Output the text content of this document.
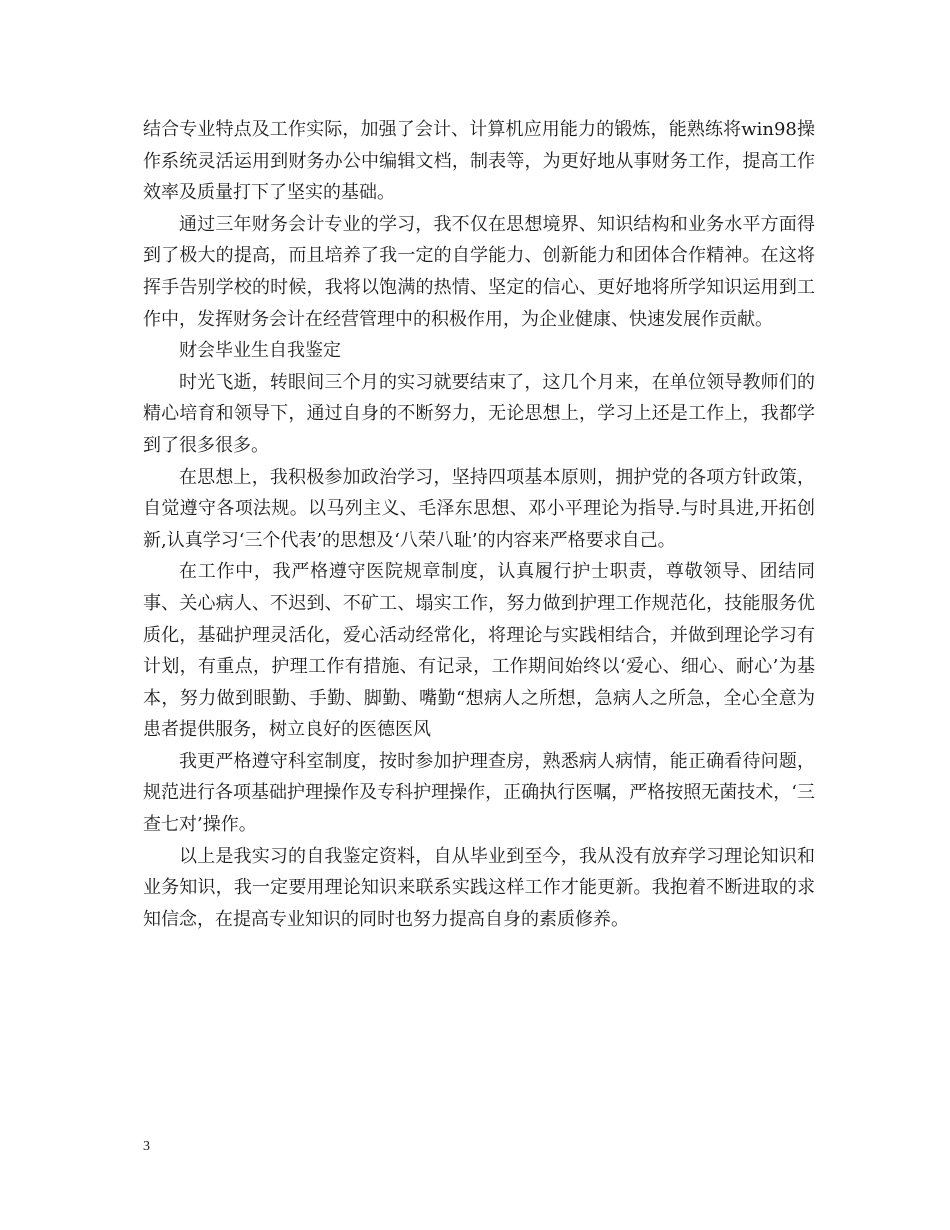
结合专业特点及工作实际，加强了会计、计算机应用能力的锻炼，能熟练将win98操作系统灵活运用到财务办公中编辑文档，制表等，为更好地从事财务工作，提高工作效率及质量打下了坚实的基础。

通过三年财务会计专业的学习，我不仅在思想境界、知识结构和业务水平方面得到了极大的提高，而且培养了我一定的自学能力、创新能力和团体合作精神。在这将挥手告别学校的时候，我将以饱满的热情、坚定的信心、更好地将所学知识运用到工作中，发挥财务会计在经营管理中的积极作用，为企业健康、快速发展作贡献。

财会毕业生自我鉴定

时光飞逝，转眼间三个月的实习就要结束了，这几个月来，在单位领导教师们的精心培育和领导下，通过自身的不断努力，无论思想上，学习上还是工作上，我都学到了很多很多。

在思想上，我积极参加政治学习，坚持四项基本原则，拥护党的各项方针政策，自觉遵守各项法规。以马列主义、毛泽东思想、邓小平理论为指导.与时具进,开拓创新,认真学习‘三个代表’的思想及‘八荣八耻’的内容来严格要求自己。

在工作中，我严格遵守医院规章制度，认真履行护士职责，尊敬领导、团结同事、关心病人、不迟到、不矿工、塌实工作，努力做到护理工作规范化，技能服务优质化，基础护理灵活化，爱心活动经常化，将理论与实践相结合，并做到理论学习有计划，有重点，护理工作有措施、有记录，工作期间始终以‘爱心、细心、耐心’为基本，努力做到眼勤、手勤、脚勤、嘴勤“想病人之所想，急病人之所急，全心全意为患者提供服务，树立良好的医德医风

我更严格遵守科室制度，按时参加护理查房，熟悉病人病情，能正确看待问题，规范进行各项基础护理操作及专科护理操作，正确执行医嘱，严格按照无菌技术，‘三查七对’操作。

以上是我实习的自我鉴定资料，自从毕业到至今，我从没有放弃学习理论知识和业务知识，我一定要用理论知识来联系实践这样工作才能更新。我抱着不断进取的求知信念，在提高专业知识的同时也努力提高自身的素质修养。

3
